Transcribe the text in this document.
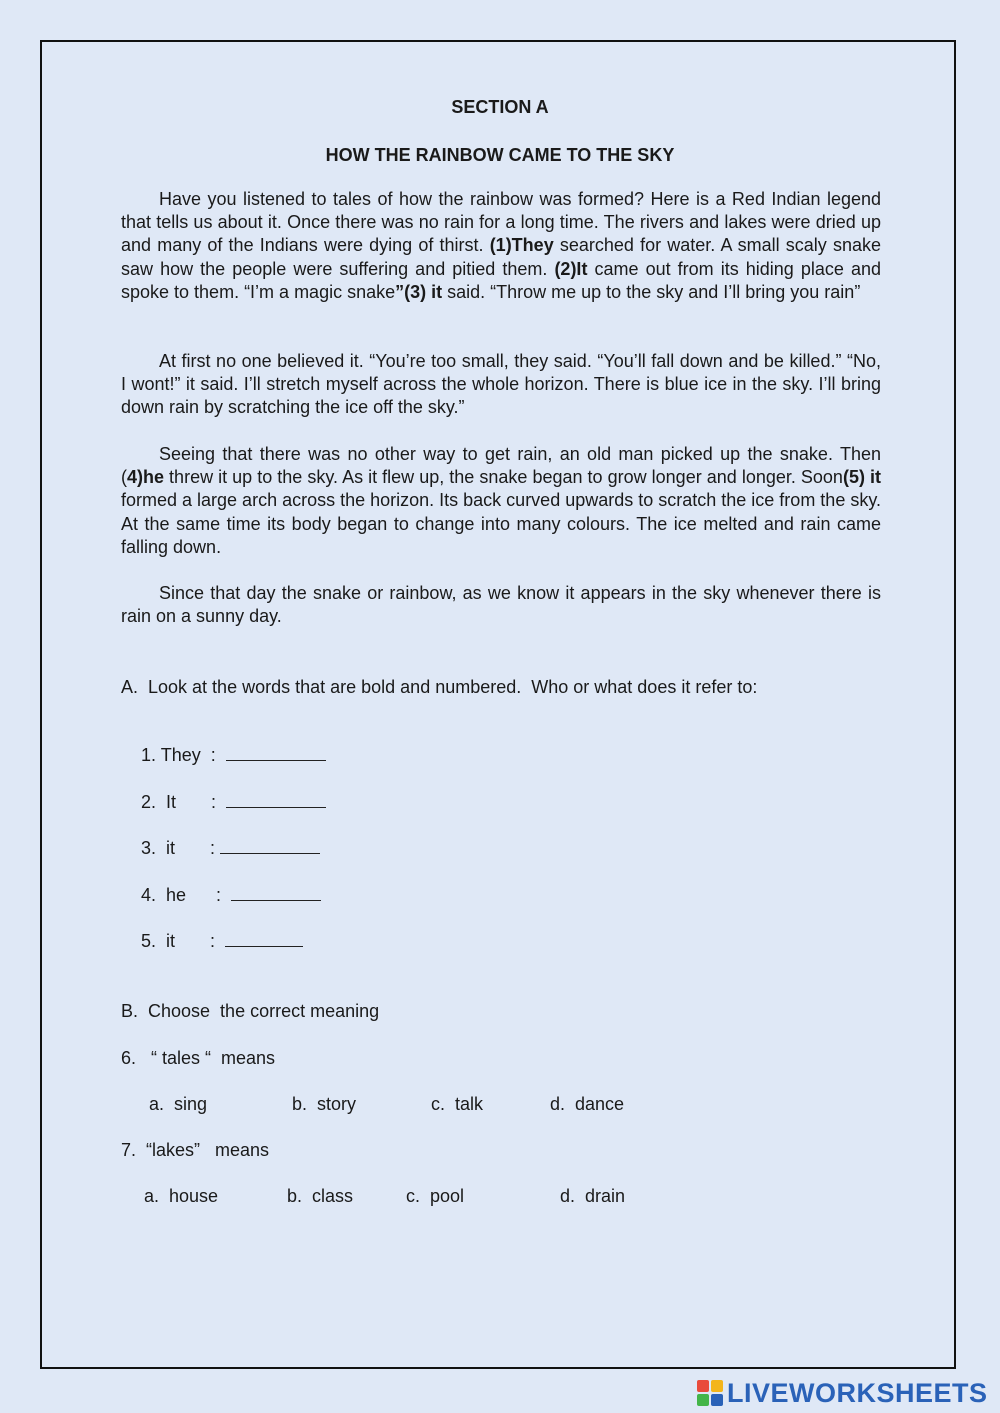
SECTION A
HOW THE RAINBOW CAME TO THE SKY
Have you listened to tales of how the rainbow was formed? Here is a Red Indian legend that tells us about it. Once there was no rain for a long time. The rivers and lakes were dried up and many of the Indians were dying of thirst. (1)They searched for water. A small scaly snake saw how the people were suffering and pitied them. (2)It came out from its hiding place and spoke to them. “I’m a magic snake”(3) it said. “Throw me up to the sky and I’ll bring you rain”
At first no one believed it. “You’re too small, they said. “You’ll fall down and be killed.” “No, I wont!” it said. I’ll stretch myself across the whole horizon. There is blue ice in the sky. I’ll bring down rain by scratching the ice off the sky.”
Seeing that there was no other way to get rain, an old man picked up the snake. Then (4)he threw it up to the sky. As it flew up, the snake began to grow longer and longer. Soon(5) it formed a large arch across the horizon. Its back curved upwards to scratch the ice from the sky. At the same time its body began to change into many colours. The ice melted and rain came falling down.
Since that day the snake or rainbow, as we know it appears in the sky whenever there is rain on a sunny day.
A.  Look at the words that are bold and numbered.  Who or what does it refer to:

1. They  :

2.  It       :

3.  it       :

4.  he      :

5.  it       :

B.  Choose  the correct meaning
6.   “ tales “  means
a.  sing	b.  story	c.  talk	d.  dance
7.  “lakes”   means
a.  house	b.  class	c.  pool	d.  drain
LIVEWORKSHEETS
